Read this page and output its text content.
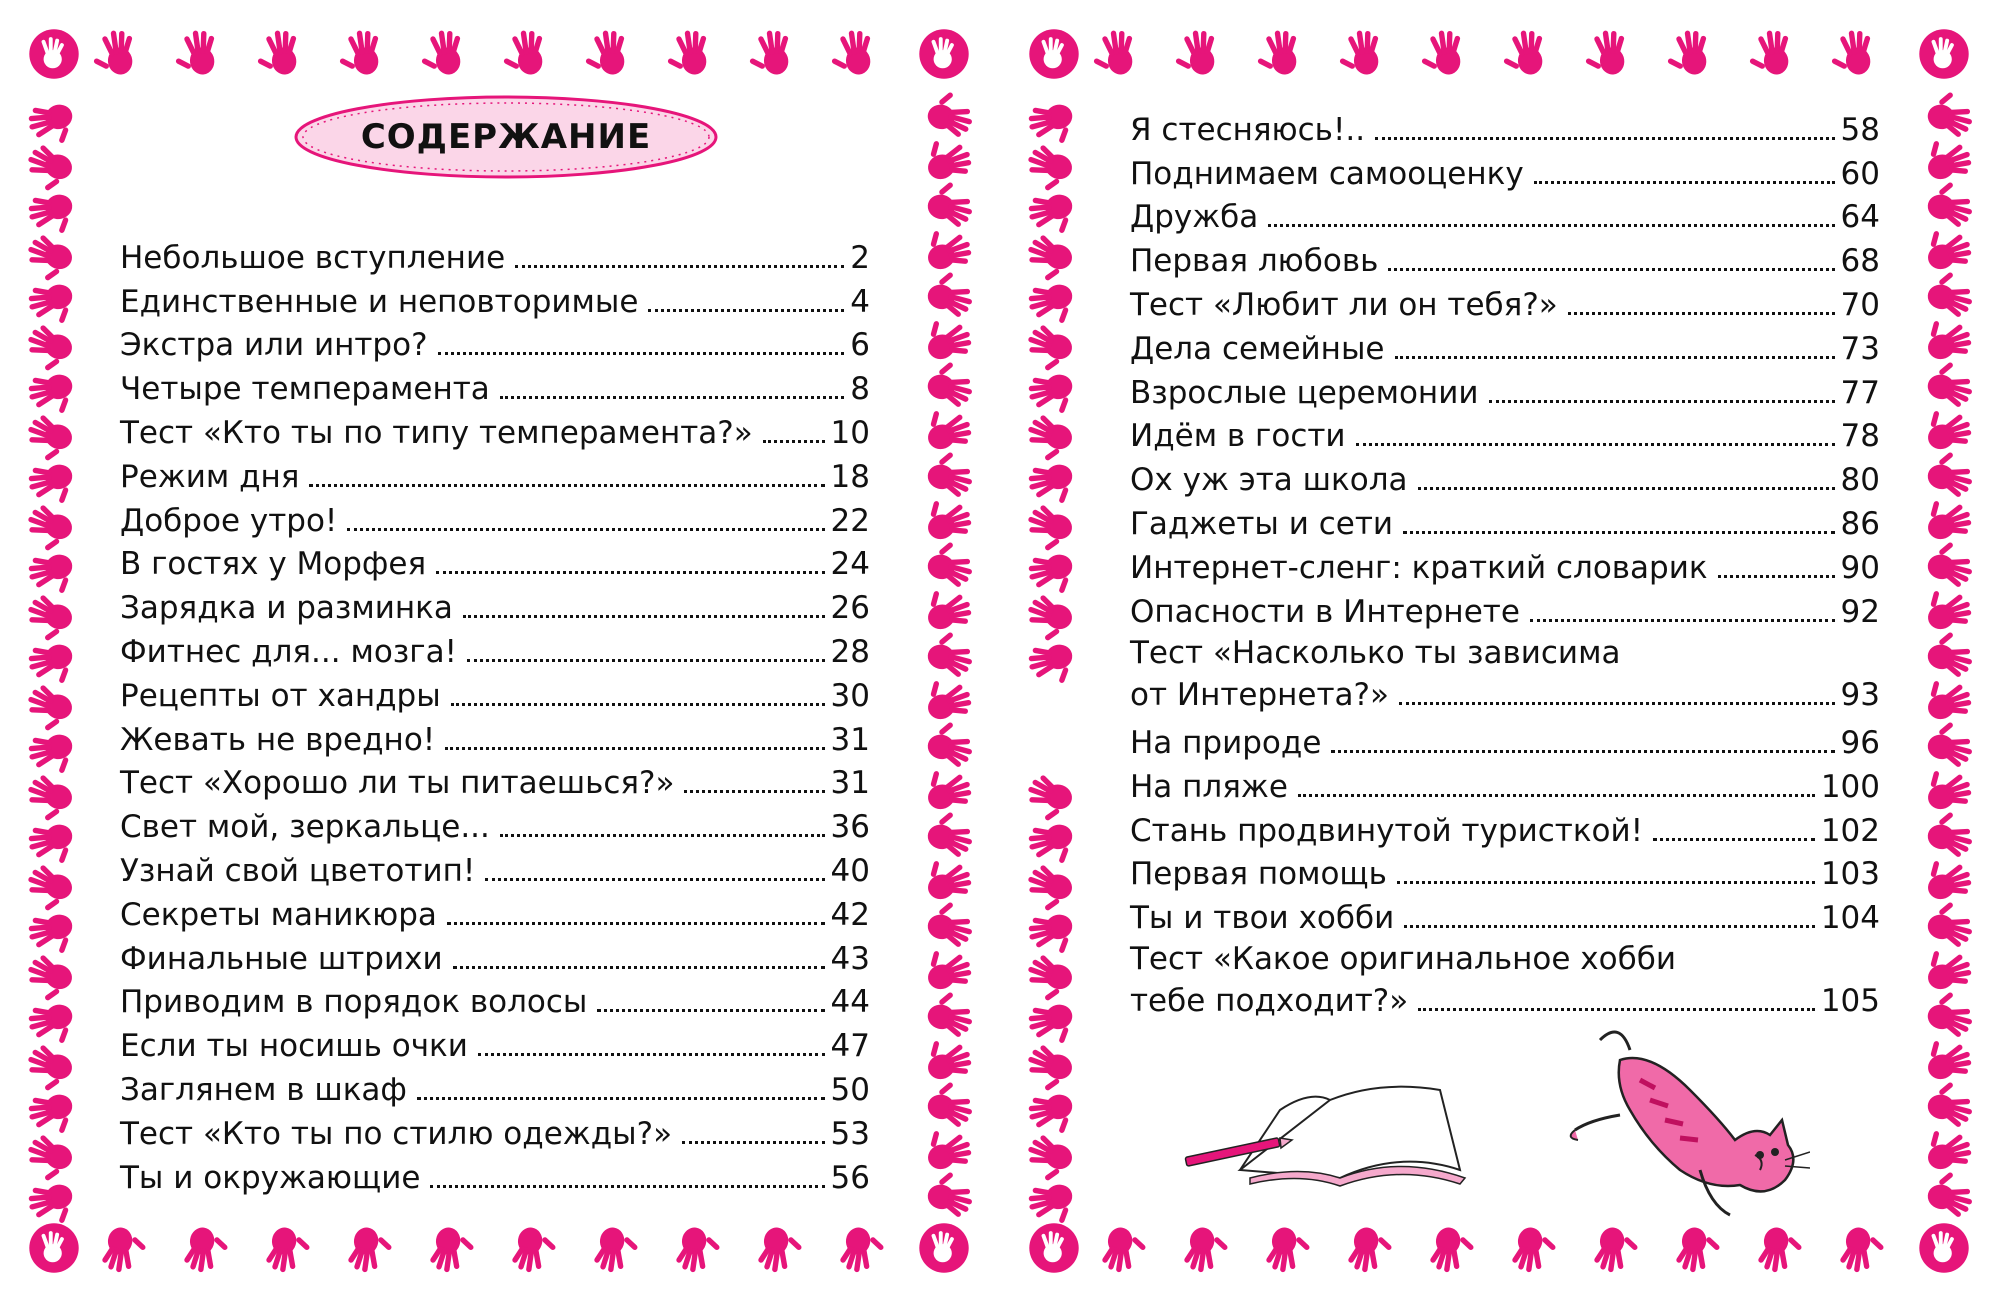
СОДЕРЖАНИЕ
Небольшое вступление	2
Единственные и неповторимые	4
Экстра или интро?	6
Четыре темперамента	8
Тест «Кто ты по типу темперамента?»	10
Режим дня	18
Доброе утро!	22
В гостях у Морфея	24
Зарядка и разминка	26
Фитнес для... мозга!	28
Рецепты от хандры	30
Жевать не вредно!	31
Тест «Хорошо ли ты питаешься?»	31
Свет мой, зеркальце...	36
Узнай свой цветотип!	40
Секреты маникюра	42
Финальные штрихи	43
Приводим в порядок волосы	44
Если ты носишь очки	47
Заглянем в шкаф	50
Тест «Кто ты по стилю одежды?»	53
Ты и окружающие	56
Я стесняюсь!..	58
Поднимаем самооценку	60
Дружба	64
Первая любовь	68
Тест «Любит ли он тебя?»	70
Дела семейные	73
Взрослые церемонии	77
Идём в гости	78
Ох уж эта школа	80
Гаджеты и сети	86
Интернет-сленг: краткий словарик	90
Опасности в Интернете	92
Тест «Насколько ты зависима
от Интернета?»	93
На природе	96
На пляже	100
Стань продвинутой туристкой!	102
Первая помощь	103
Ты и твои хобби	104
Тест «Какое оригинальное хобби
тебе подходит?»	105
